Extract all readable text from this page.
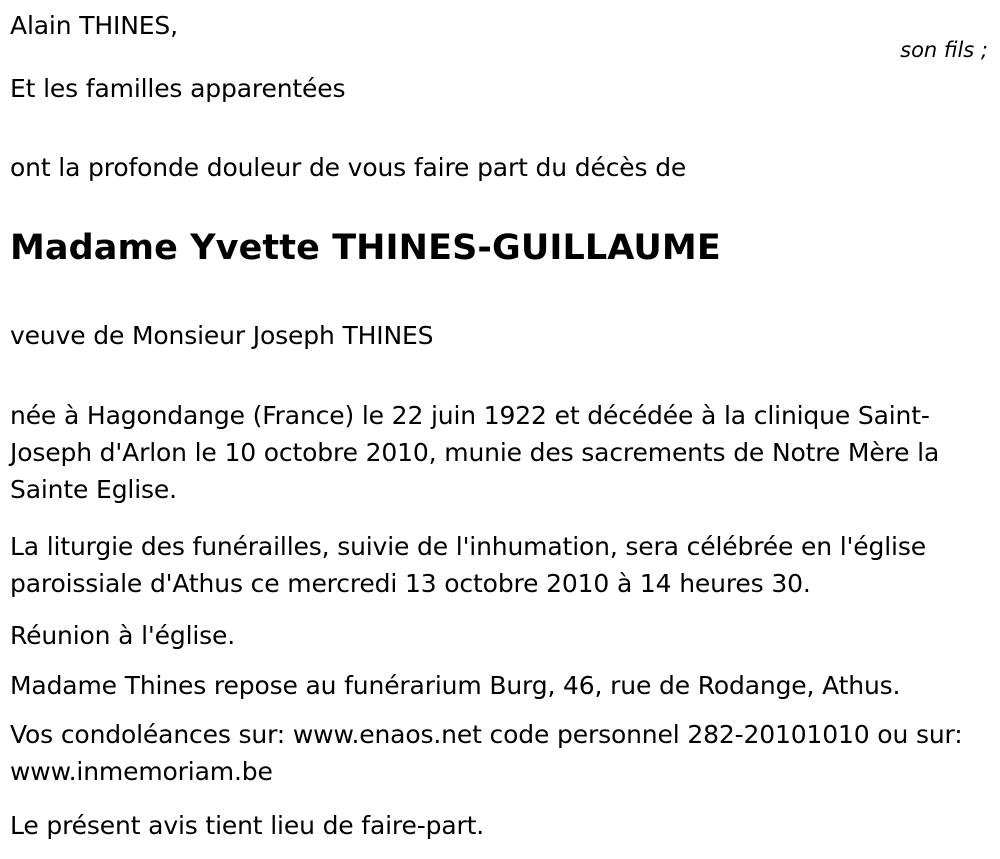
Alain THINES,
son fils ;
Et les familles apparentées
ont la profonde douleur de vous faire part du décès de
Madame Yvette THINES-GUILLAUME
veuve de Monsieur Joseph THINES
née à Hagondange (France) le 22 juin 1922 et décédée à la clinique Saint-Joseph d'Arlon le 10 octobre 2010, munie des sacrements de Notre Mère la Sainte Eglise.
La liturgie des funérailles, suivie de l'inhumation, sera célébrée en l'église paroissiale d'Athus ce mercredi 13 octobre 2010 à 14 heures 30.
Réunion à l'église.
Madame Thines repose au funérarium Burg, 46, rue de Rodange, Athus.
Vos condoléances sur: www.enaos.net code personnel 282-20101010 ou sur: www.inmemoriam.be
Le présent avis tient lieu de faire-part.
